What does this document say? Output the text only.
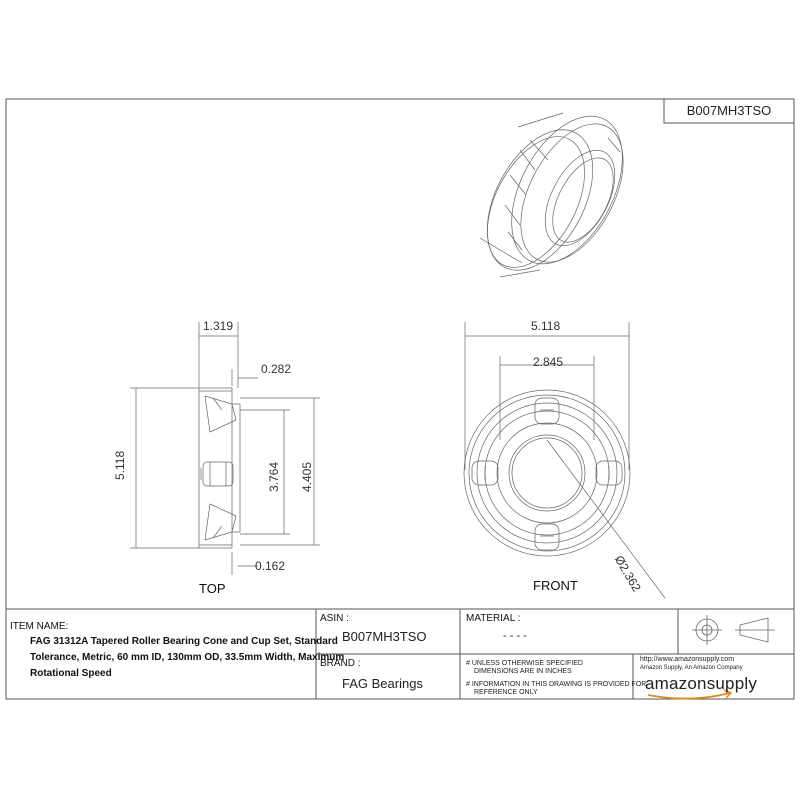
B007MH3TSO
1.319
0.282
5.118	3.764 4.405
0.162
TOP
5.118
2.845
Ø2.362
FRONT
ITEM NAME:
FAG 31312A Tapered Roller Bearing Cone and Cup Set, Standard
Tolerance, Metric, 60 mm ID, 130mm OD, 33.5mm Width, Maximum
Rotational Speed
ASIN :
B007MH3TSO
BRAND :
FAG Bearings
MATERIAL :
- - - -
# UNLESS OTHERWISE SPECIFIED
DIMENSIONS ARE IN INCHES
# INFORMATION IN THIS DRAWING IS PROVIDED FOR
REFERENCE ONLY
http://www.amazonsupply.com
Amazon Supply, An Amazon Company
amazonsupply
